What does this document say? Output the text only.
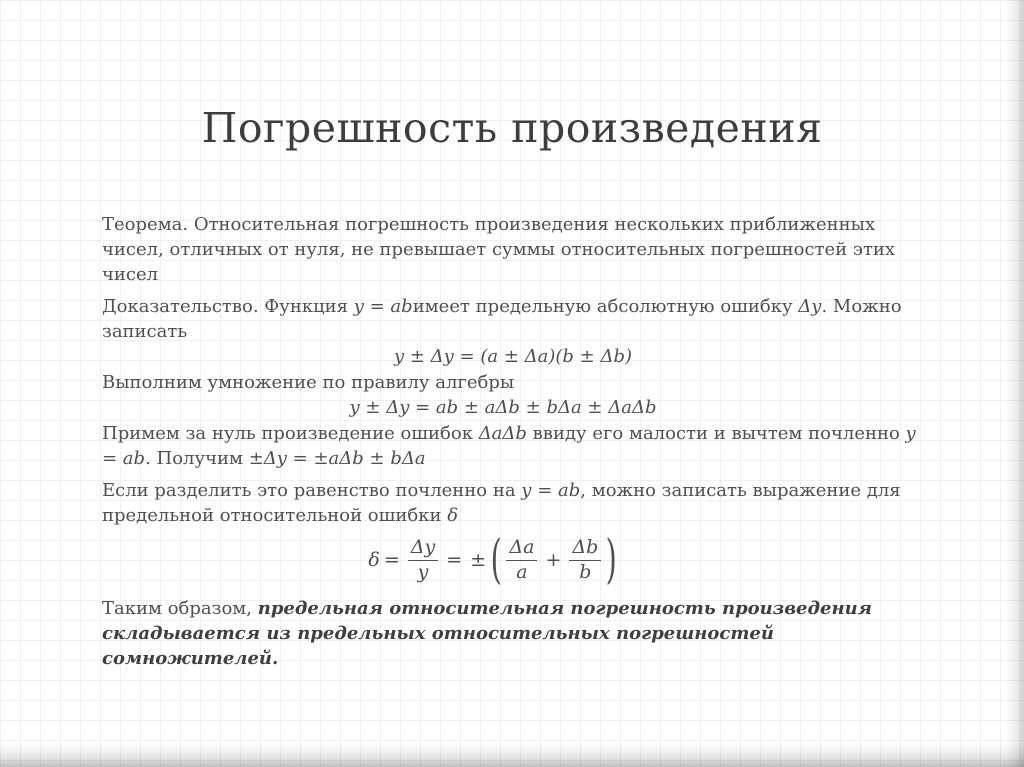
Погрешность произведения

Теорема. Относительная погрешность произведения нескольких приближенных чисел, отличных от нуля, не превышает суммы относительных погрешностей этих чисел

Доказательство. Функция y = abимеет предельную абсолютную ошибку Δy. Можно записать

y ± Δy = (a ± Δa)(b ± Δb)

Выполним умножение по правилу алгебры

y ± Δy = ab ± aΔb ± bΔa ± ΔaΔb

Примем за нуль произведение ошибок ΔaΔb ввиду его малости и вычтем почленно y = ab. Получим ±Δy = ±aΔb ± bΔa

Если разделить это равенство почленно на y = ab, можно записать выражение для предельной относительной ошибки δ

$\delta = \frac{\Delta y}{y}$ = ± ( $\frac{\Delta a}{a} + \frac{\Delta b}{b}$ )

Таким образом, предельная относительная погрешность произведения складывается из предельных относительных погрешностей сомножителей.
